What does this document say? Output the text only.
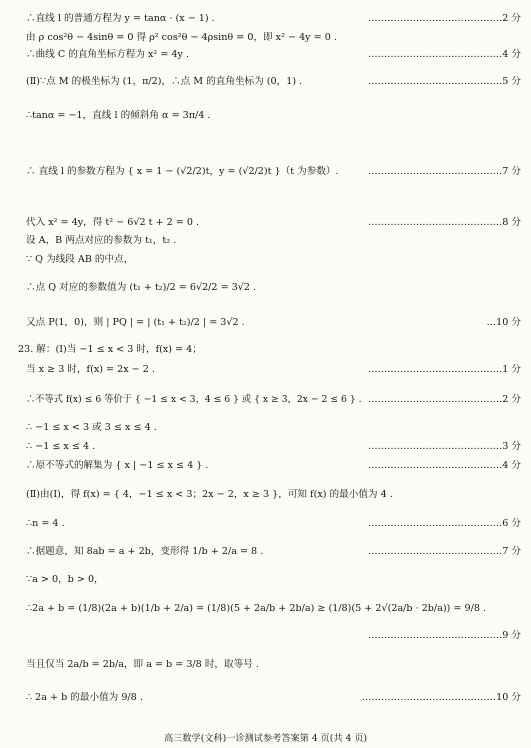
∴直线 l 的普通方程为 y = tanα · (x − 1) .	……………………………………2 分
由 ρ cos²θ − 4sinθ = 0 得 ρ² cos²θ − 4ρsinθ = 0，即 x² − 4y = 0 .
∴曲线 C 的直角坐标方程为 x² = 4y .	……………………………………4 分
(Ⅱ)∵点 M 的极坐标为 (1，π/2)，∴点 M 的直角坐标为 (0，1) .	……………………………………5 分
∴tanα = −1，直线 l 的倾斜角 α = 3π/4 .
∴ 直线 l 的参数方程为 { x = 1 − (√2/2)t，y = (√2/2)t }（t 为参数）.	……………………………………7 分
代入 x² = 4y，得 t² − 6√2 t + 2 = 0 .	……………………………………8 分
设 A，B 两点对应的参数为 t₁，t₂ .
∵ Q 为线段 AB 的中点，
∴点 Q 对应的参数值为 (t₁ + t₂)/2 = 6√2/2 = 3√2 .
又点 P(1，0)，则 | PQ | = | (t₁ + t₂)/2 | = 3√2 .	…10 分
23. 解：(Ⅰ)当 −1 ≤ x < 3 时，f(x) = 4；
当 x ≥ 3 时，f(x) = 2x − 2 .	……………………………………1 分
∴不等式 f(x) ≤ 6 等价于 { −1 ≤ x < 3，4 ≤ 6 } 或 { x ≥ 3，2x − 2 ≤ 6 } . ……………………………………2 分
∴ −1 ≤ x < 3 或 3 ≤ x ≤ 4 .
∴ −1 ≤ x ≤ 4 .	……………………………………3 分
∴原不等式的解集为 { x | −1 ≤ x ≤ 4 } .	……………………………………4 分
(Ⅱ)由(Ⅰ)，得 f(x) = { 4，−1 ≤ x < 3；2x − 2，x ≥ 3 }，可知 f(x) 的最小值为 4 .
∴n = 4 .	……………………………………6 分
∴据题意，知 8ab = a + 2b，变形得 1/b + 2/a = 8 .	……………………………………7 分
∵a > 0，b > 0，
∴2a + b = (1/8)(2a + b)(1/b + 2/a) = (1/8)(5 + 2a/b + 2b/a) ≥ (1/8)(5 + 2√(2a/b · 2b/a)) = 9/8 .
……………………………………9 分
当且仅当 2a/b = 2b/a，即 a = b = 3/8 时，取等号 .
∴ 2a + b 的最小值为 9/8 .	……………………………………10 分
高三数学(文科)一诊测试参考答案第 4 页(共 4 页)
